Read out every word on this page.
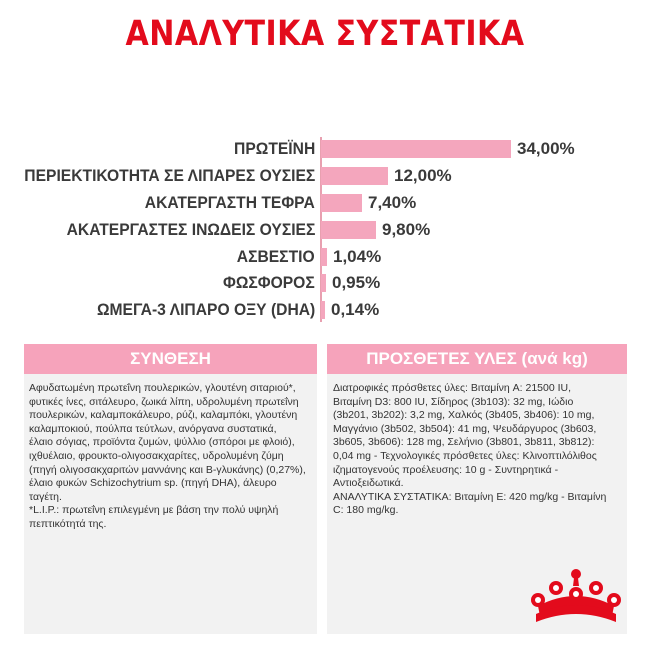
ΑΝΑΛΥΤΙΚΑ ΣΥΣΤΑΤΙΚΑ
ΠΡΩΤΕΪΝΗ	34,00%
ΠΕΡΙΕΚΤΙΚΟΤΗΤΑ ΣΕ ΛΙΠΑΡΕΣ ΟΥΣΙΕΣ	12,00%
ΑΚΑΤΕΡΓΑΣΤΗ ΤΕΦΡΑ	7,40%
ΑΚΑΤΕΡΓΑΣΤΕΣ ΙΝΩΔΕΙΣ ΟΥΣΙΕΣ	9,80%
ΑΣΒΕΣΤΙΟ 1,04%
ΦΩΣΦΟΡΟΣ 0,95%
ΩΜΕΓΑ-3 ΛΙΠΑΡΟ ΟΞΥ (DHA) 0,14%
ΣΥΝΘΕΣΗ
Αφυδατωμένη πρωτεΐνη πουλερικών, γλουτένη σιταριού*,
φυτικές ίνες, σιτάλευρο, ζωικά λίπη, υδρολυμένη πρωτεΐνη
πουλερικών, καλαμποκάλευρο, ρύζι, καλαμπόκι, γλουτένη
καλαμποκιού, πούλπα τεύτλων, ανόργανα συστατικά,
έλαιο σόγιας, προϊόντα ζυμών, ψύλλιο (σπόροι με φλοιό),
ιχθυέλαιο, φρουκτο-ολιγοσακχαρίτες, υδρολυμένη ζύμη
(πηγή ολιγοσακχαριτών μαννάνης και Β-γλυκάνης) (0,27%),
έλαιο φυκών Schizochytrium sp. (πηγή DHA), άλευρο
ταγέτη.
*L.I.P.: πρωτεΐνη επιλεγμένη με βάση την πολύ υψηλή
πεπτικότητά της.
ΠΡΟΣΘΕΤΕΣ ΥΛΕΣ (ανά kg)
Διατροφικές πρόσθετες ύλες: Βιταμίνη A: 21500 IU,
Βιταμίνη D3: 800 IU, Σίδηρος (3b103): 32 mg, Ιώδιο
(3b201, 3b202): 3,2 mg, Χαλκός (3b405, 3b406): 10 mg,
Μαγγάνιο (3b502, 3b504): 41 mg, Ψευδάργυρος (3b603,
3b605, 3b606): 128 mg, Σελήνιο (3b801, 3b811, 3b812):
0,04 mg - Τεχνολογικές πρόσθετες ύλες: Κλινοπτιλόλιθος
ιζηματογενούς προέλευσης: 10 g - Συντηρητικά -
Αντιοξειδωτικά.
ΑΝΑΛΥΤΙΚΑ ΣΥΣΤΑΤΙΚΑ: Βιταμίνη E: 420 mg/kg - Βιταμίνη
C: 180 mg/kg.
